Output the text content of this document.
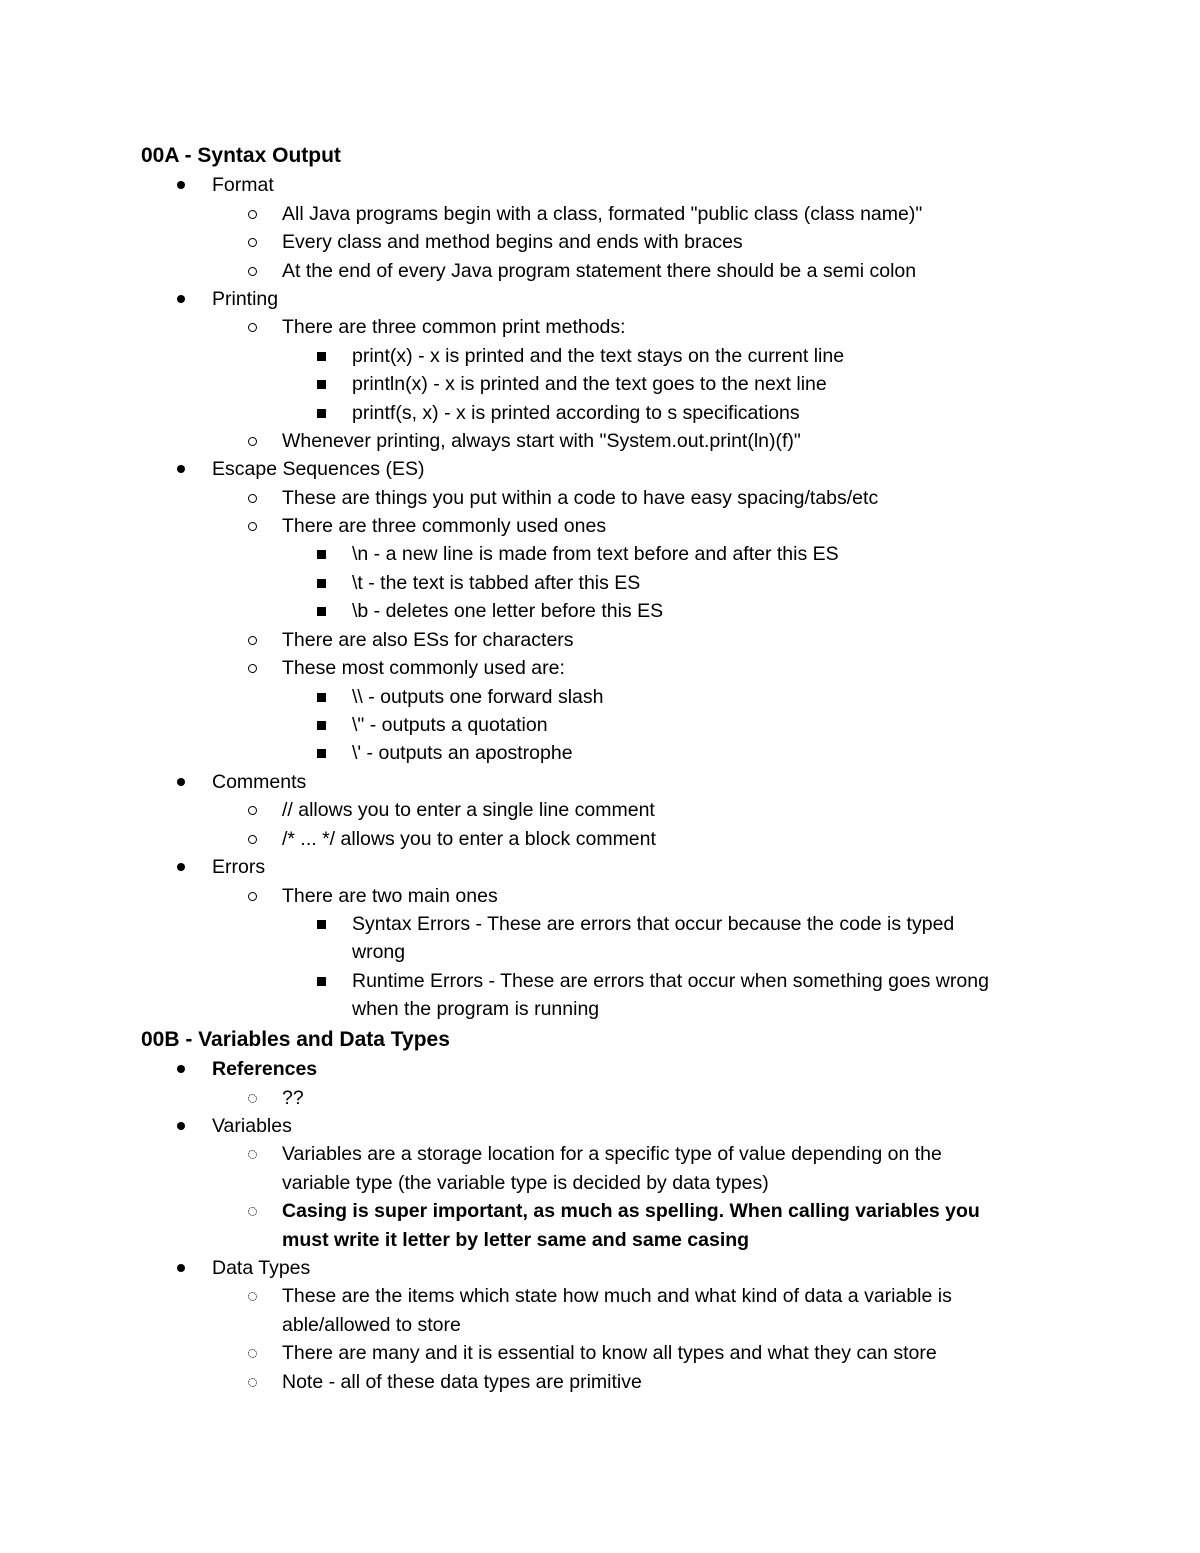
00A - Syntax Output
Format
All Java programs begin with a class, formated "public class (class name)"
Every class and method begins and ends with braces
At the end of every Java program statement there should be a semi colon
Printing
There are three common print methods:
print(x) - x is printed and the text stays on the current line
println(x) - x is printed and the text goes to the next line
printf(s, x) - x is printed according to s specifications
Whenever printing, always start with "System.out.print(ln)(f)"
Escape Sequences (ES)
These are things you put within a code to have easy spacing/tabs/etc
There are three commonly used ones
\n - a new line is made from text before and after this ES
\t - the text is tabbed after this ES
\b - deletes one letter before this ES
There are also ESs for characters
These most commonly used are:
\\ - outputs one forward slash
\" - outputs a quotation
\' - outputs an apostrophe
Comments
// allows you to enter a single line comment
/* ... */ allows you to enter a block comment
Errors
There are two main ones
Syntax Errors - These are errors that occur because the code is typed
wrong
Runtime Errors - These are errors that occur when something goes wrong
when the program is running
00B - Variables and Data Types
References
??
Variables
Variables are a storage location for a specific type of value depending on the
variable type (the variable type is decided by data types)
Casing is super important, as much as spelling. When calling variables you
must write it letter by letter same and same casing
Data Types
These are the items which state how much and what kind of data a variable is
able/allowed to store
There are many and it is essential to know all types and what they can store
Note - all of these data types are primitive
